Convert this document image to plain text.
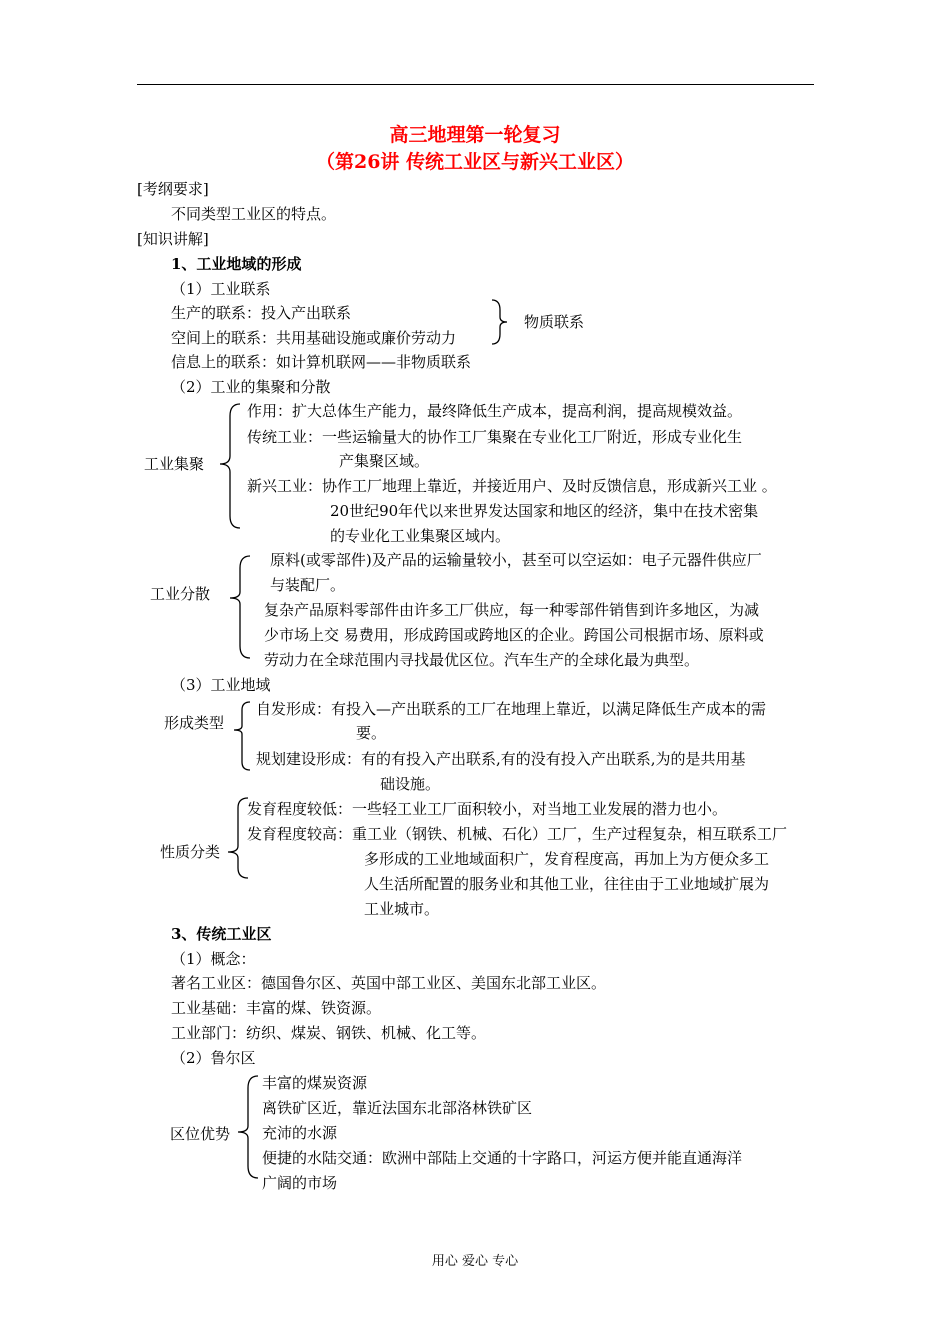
高三地理第一轮复习
（第26讲 传统工业区与新兴工业区）
[考纲要求]
不同类型工业区的特点。
[知识讲解]
1、工业地域的形成
（1）工业联系
生产的联系：投入产出联系
空间上的联系：共用基础设施或廉价劳动力
信息上的联系：如计算机联网——非物质联系
物质联系
（2）工业的集聚和分散
工业集聚
作用：扩大总体生产能力，最终降低生产成本，提高利润，提高规模效益。
传统工业：一些运输量大的协作工厂集聚在专业化工厂附近，形成专业化生
产集聚区域。
新兴工业：协作工厂地理上靠近，并接近用户、及时反馈信息，形成新兴工业 。
20世纪90年代以来世界发达国家和地区的经济，集中在技术密集
的专业化工业集聚区域内。
工业分散
原料(或零部件)及产品的运输量较小，甚至可以空运如：电子元器件供应厂
与装配厂。
复杂产品原料零部件由许多工厂供应，每一种零部件销售到许多地区，为减
少市场上交 易费用，形成跨国或跨地区的企业。跨国公司根据市场、原料或
劳动力在全球范围内寻找最优区位。汽车生产的全球化最为典型。
（3）工业地域
形成类型
自发形成：有投入—产出联系的工厂在地理上靠近，以满足降低生产成本的需
要。
规划建设形成：有的有投入产出联系,有的没有投入产出联系,为的是共用基
础设施。
性质分类
发育程度较低：一些轻工业工厂面积较小，对当地工业发展的潜力也小。
发育程度较高：重工业（钢铁、机械、石化）工厂，生产过程复杂，相互联系工厂
多形成的工业地域面积广，发育程度高，再加上为方便众多工
人生活所配置的服务业和其他工业，往往由于工业地域扩展为
工业城市。
3、传统工业区
（1）概念：
著名工业区：德国鲁尔区、英国中部工业区、美国东北部工业区。
工业基础：丰富的煤、铁资源。
工业部门：纺织、煤炭、钢铁、机械、化工等。
（2）鲁尔区
区位优势
丰富的煤炭资源
离铁矿区近，靠近法国东北部洛林铁矿区
充沛的水源
便捷的水陆交通：欧洲中部陆上交通的十字路口，河运方便并能直通海洋
广阔的市场
用心 爱心 专心
